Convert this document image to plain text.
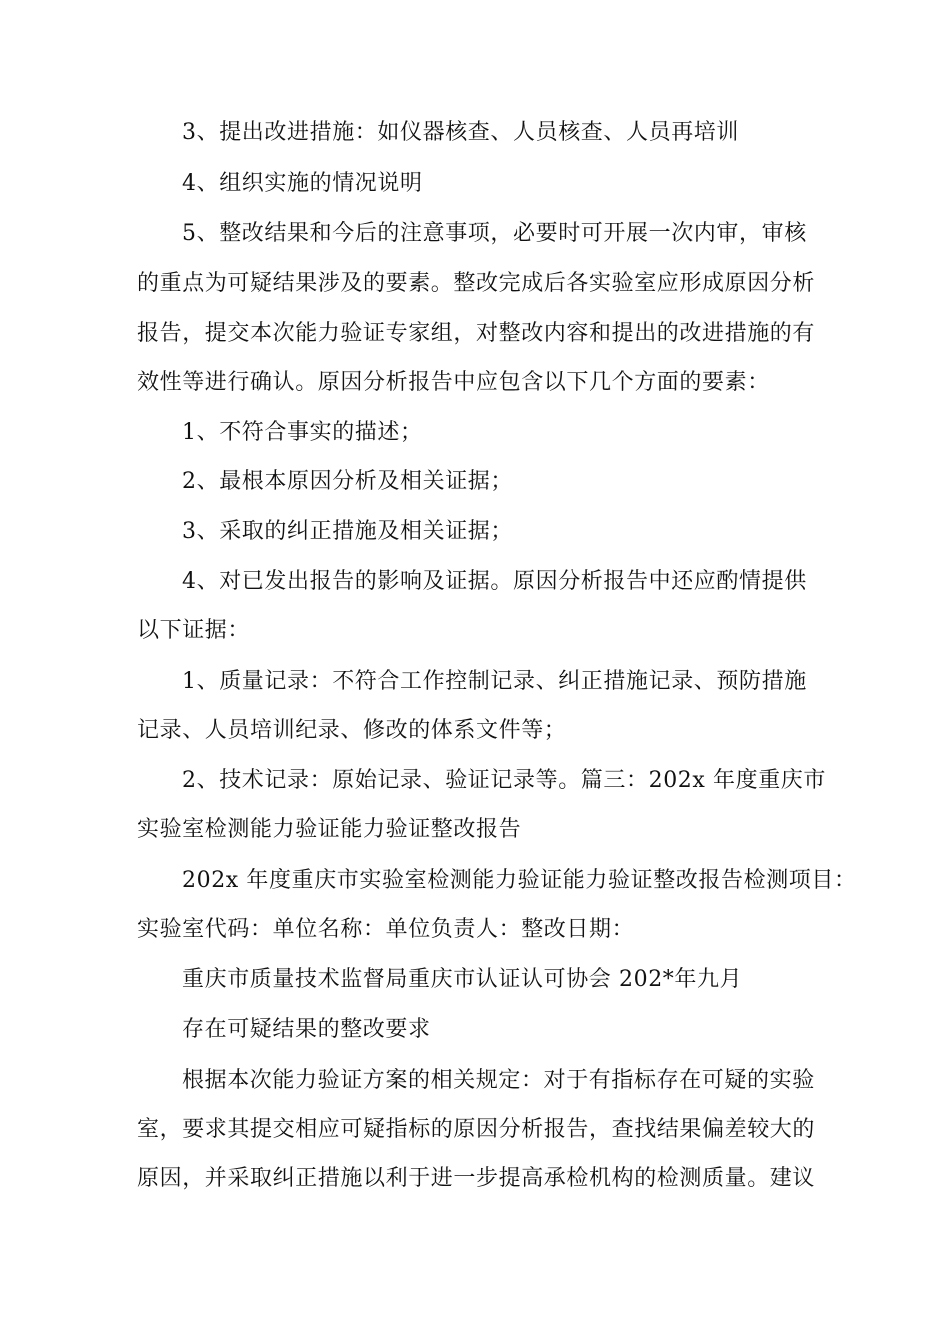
3、提出改进措施：如仪器核查、人员核查、人员再培训
4、组织实施的情况说明
5、整改结果和今后的注意事项，必要时可开展一次内审，审核
的重点为可疑结果涉及的要素。整改完成后各实验室应形成原因分析
报告，提交本次能力验证专家组，对整改内容和提出的改进措施的有
效性等进行确认。原因分析报告中应包含以下几个方面的要素：
1、不符合事实的描述；
2、最根本原因分析及相关证据；
3、采取的纠正措施及相关证据；
4、对已发出报告的影响及证据。原因分析报告中还应酌情提供
以下证据：
1、质量记录：不符合工作控制记录、纠正措施记录、预防措施
记录、人员培训纪录、修改的体系文件等；
2、技术记录：原始记录、验证记录等。篇三：202x 年度重庆市
实验室检测能力验证能力验证整改报告
202x 年度重庆市实验室检测能力验证能力验证整改报告检测项目：
实验室代码：单位名称：单位负责人：整改日期：
重庆市质量技术监督局重庆市认证认可协会 202*年九月
存在可疑结果的整改要求
根据本次能力验证方案的相关规定：对于有指标存在可疑的实验
室，要求其提交相应可疑指标的原因分析报告，查找结果偏差较大的
原因，并采取纠正措施以利于进一步提高承检机构的检测质量。建议
